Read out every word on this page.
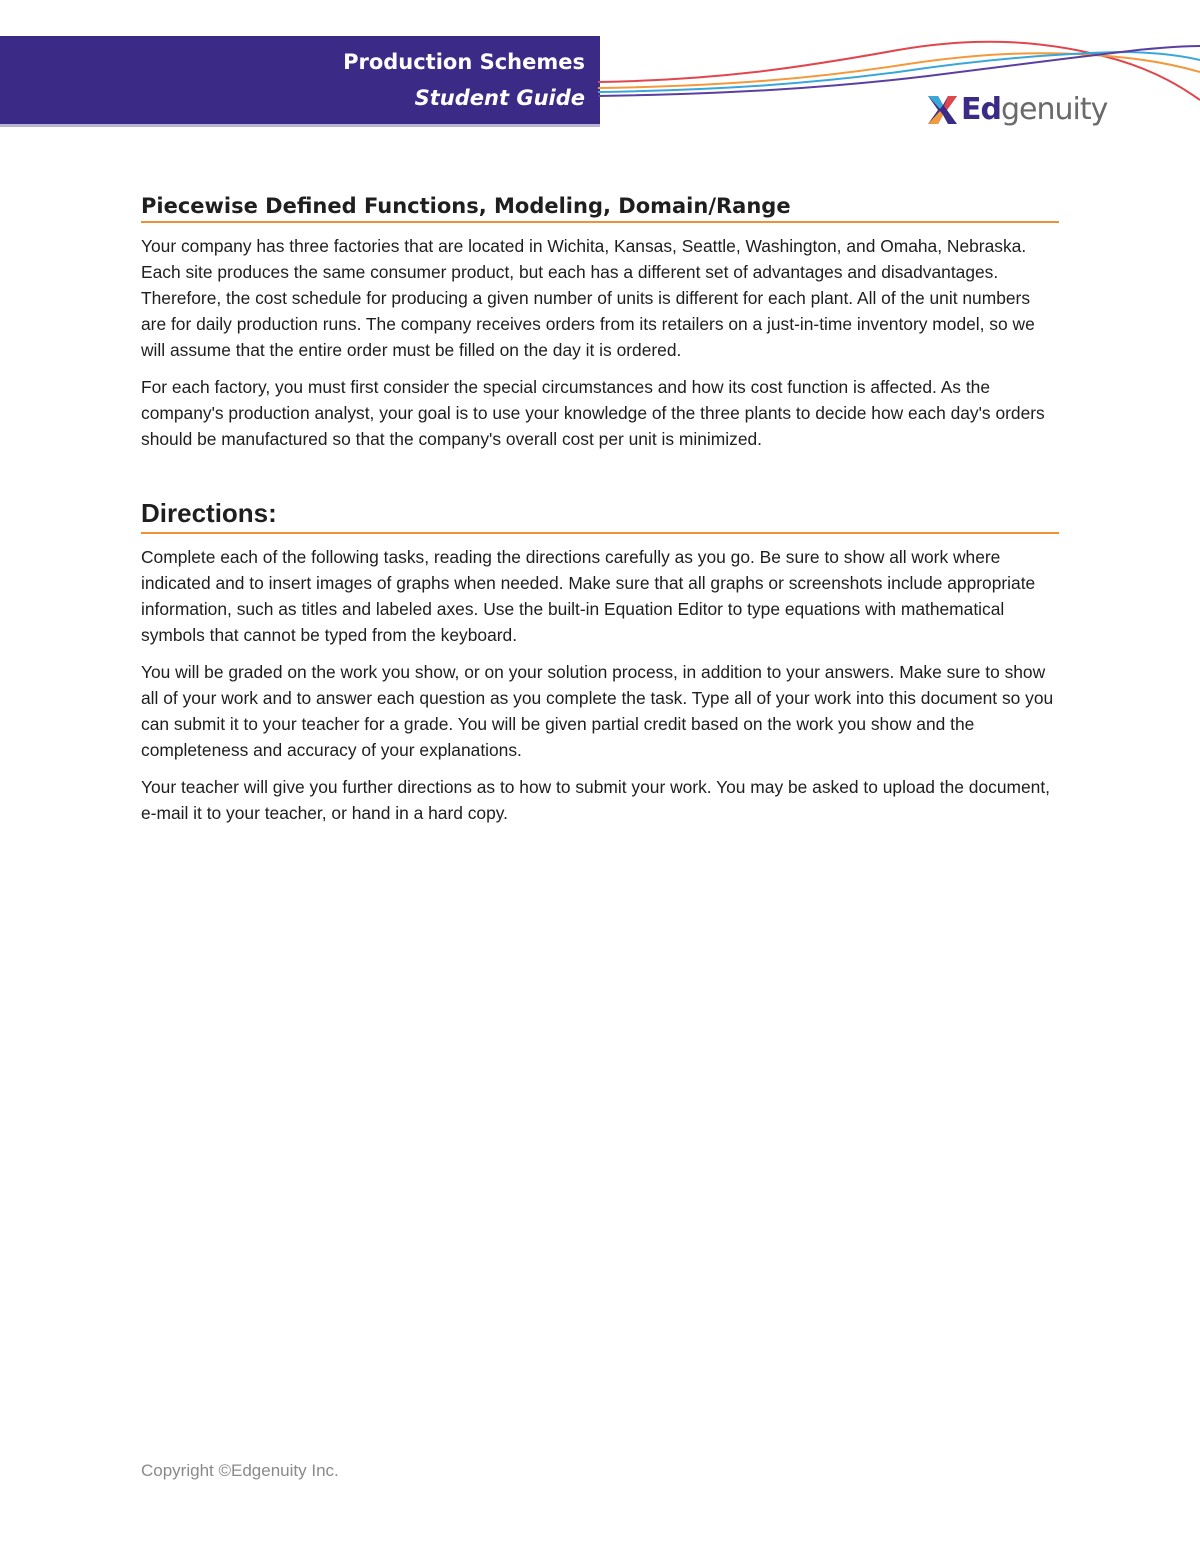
Production Schemes
Student Guide	Edgenuity
Piecewise Defined Functions, Modeling, Domain/Range

Your company has three factories that are located in Wichita, Kansas, Seattle, Washington, and Omaha, Nebraska. Each site produces the same consumer product, but each has a different set of advantages and disadvantages. Therefore, the cost schedule for producing a given number of units is different for each plant. All of the unit numbers are for daily production runs. The company receives orders from its retailers on a just-in-time inventory model, so we will assume that the entire order must be filled on the day it is ordered.

For each factory, you must first consider the special circumstances and how its cost function is affected. As the company's production analyst, your goal is to use your knowledge of the three plants to decide how each day's orders should be manufactured so that the company's overall cost per unit is minimized.

Directions:

Complete each of the following tasks, reading the directions carefully as you go. Be sure to show all work where indicated and to insert images of graphs when needed. Make sure that all graphs or screenshots include appropriate information, such as titles and labeled axes. Use the built-in Equation Editor to type equations with mathematical symbols that cannot be typed from the keyboard.

You will be graded on the work you show, or on your solution process, in addition to your answers. Make sure to show all of your work and to answer each question as you complete the task. Type all of your work into this document so you can submit it to your teacher for a grade. You will be given partial credit based on the work you show and the completeness and accuracy of your explanations.

Your teacher will give you further directions as to how to submit your work. You may be asked to upload the document, e-mail it to your teacher, or hand in a hard copy.

Copyright ©Edgenuity Inc.
